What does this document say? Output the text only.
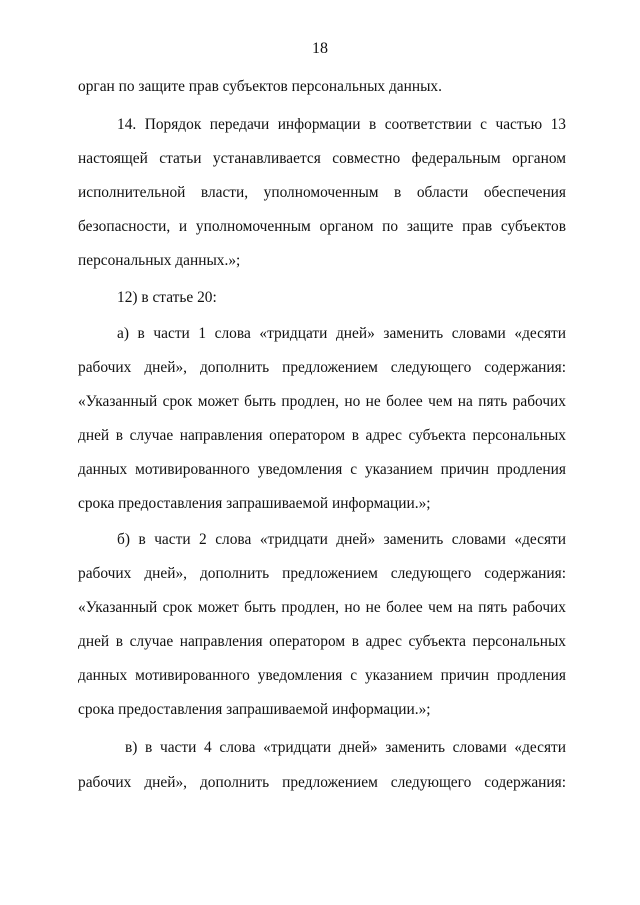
18
орган по защите прав субъектов персональных данных.
14. Порядок передачи информации в соответствии с частью 13
настоящей статьи устанавливается совместно федеральным органом
исполнительной власти, уполномоченным в области обеспечения
безопасности, и уполномоченным органом по защите прав субъектов
персональных данных.»;
12) в статье 20:
а) в части 1 слова «тридцати дней» заменить словами «десяти
рабочих дней», дополнить предложением следующего содержания:
«Указанный срок может быть продлен, но не более чем на пять рабочих
дней в случае направления оператором в адрес субъекта персональных
данных мотивированного уведомления с указанием причин продления
срока предоставления запрашиваемой информации.»;
б) в части 2 слова «тридцати дней» заменить словами «десяти
рабочих дней», дополнить предложением следующего содержания:
«Указанный срок может быть продлен, но не более чем на пять рабочих
дней в случае направления оператором в адрес субъекта персональных
данных мотивированного уведомления с указанием причин продления
срока предоставления запрашиваемой информации.»;
в) в части 4 слова «тридцати дней» заменить словами «десяти
рабочих дней», дополнить предложением следующего содержания:
